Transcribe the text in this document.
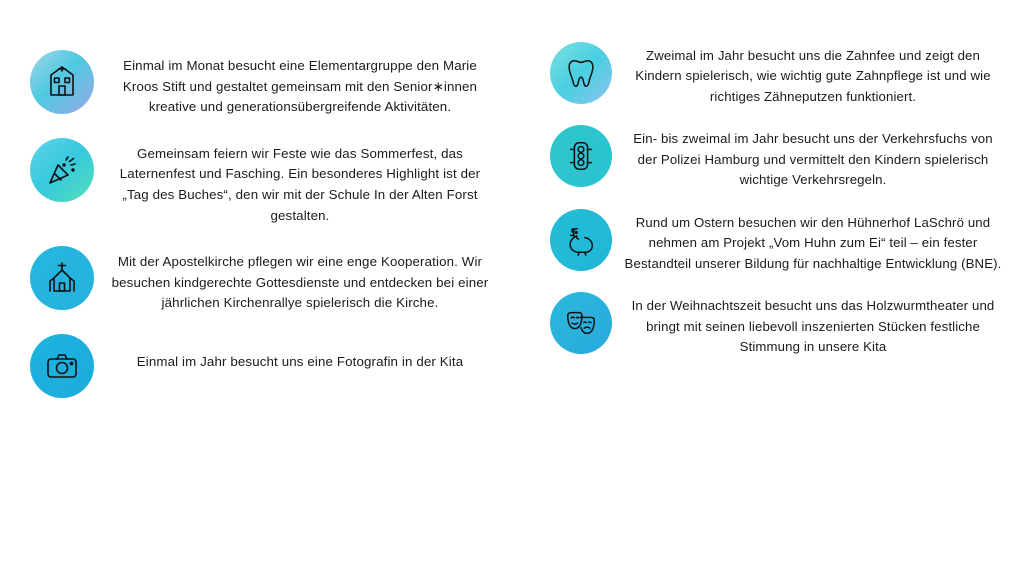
Einmal im Monat besucht eine Elementargruppe den Marie Kroos Stift und gestaltet gemeinsam mit den Senior∗innen kreative und generationsübergreifende Aktivitäten.
Gemeinsam feiern wir Feste wie das Sommerfest, das Laternenfest und Fasching. Ein besonderes Highlight ist der „Tag des Buches“, den wir mit der Schule In der Alten Forst gestalten.
Mit der Apostelkirche pflegen wir eine enge Kooperation. Wir besuchen kindgerechte Gottesdienste und entdecken bei einer jährlichen Kirchenrallye spielerisch die Kirche.
Einmal im Jahr besucht uns eine Fotografin in der Kita
Zweimal im Jahr besucht uns die Zahnfee und zeigt den Kindern spielerisch, wie wichtig gute Zahnpflege ist und wie richtiges Zähneputzen funktioniert.
Ein- bis zweimal im Jahr besucht uns der Verkehrsfuchs von der Polizei Hamburg und vermittelt den Kindern spielerisch wichtige Verkehrsregeln.
Rund um Ostern besuchen wir den Hühnerhof LaSchrö und nehmen am Projekt „Vom Huhn zum Ei“ teil – ein fester Bestandteil unserer Bildung für nachhaltige Entwicklung (BNE).
In der Weihnachtszeit besucht uns das Holzwurmtheater und bringt mit seinen liebevoll inszenierten Stücken festliche Stimmung in unsere Kita
